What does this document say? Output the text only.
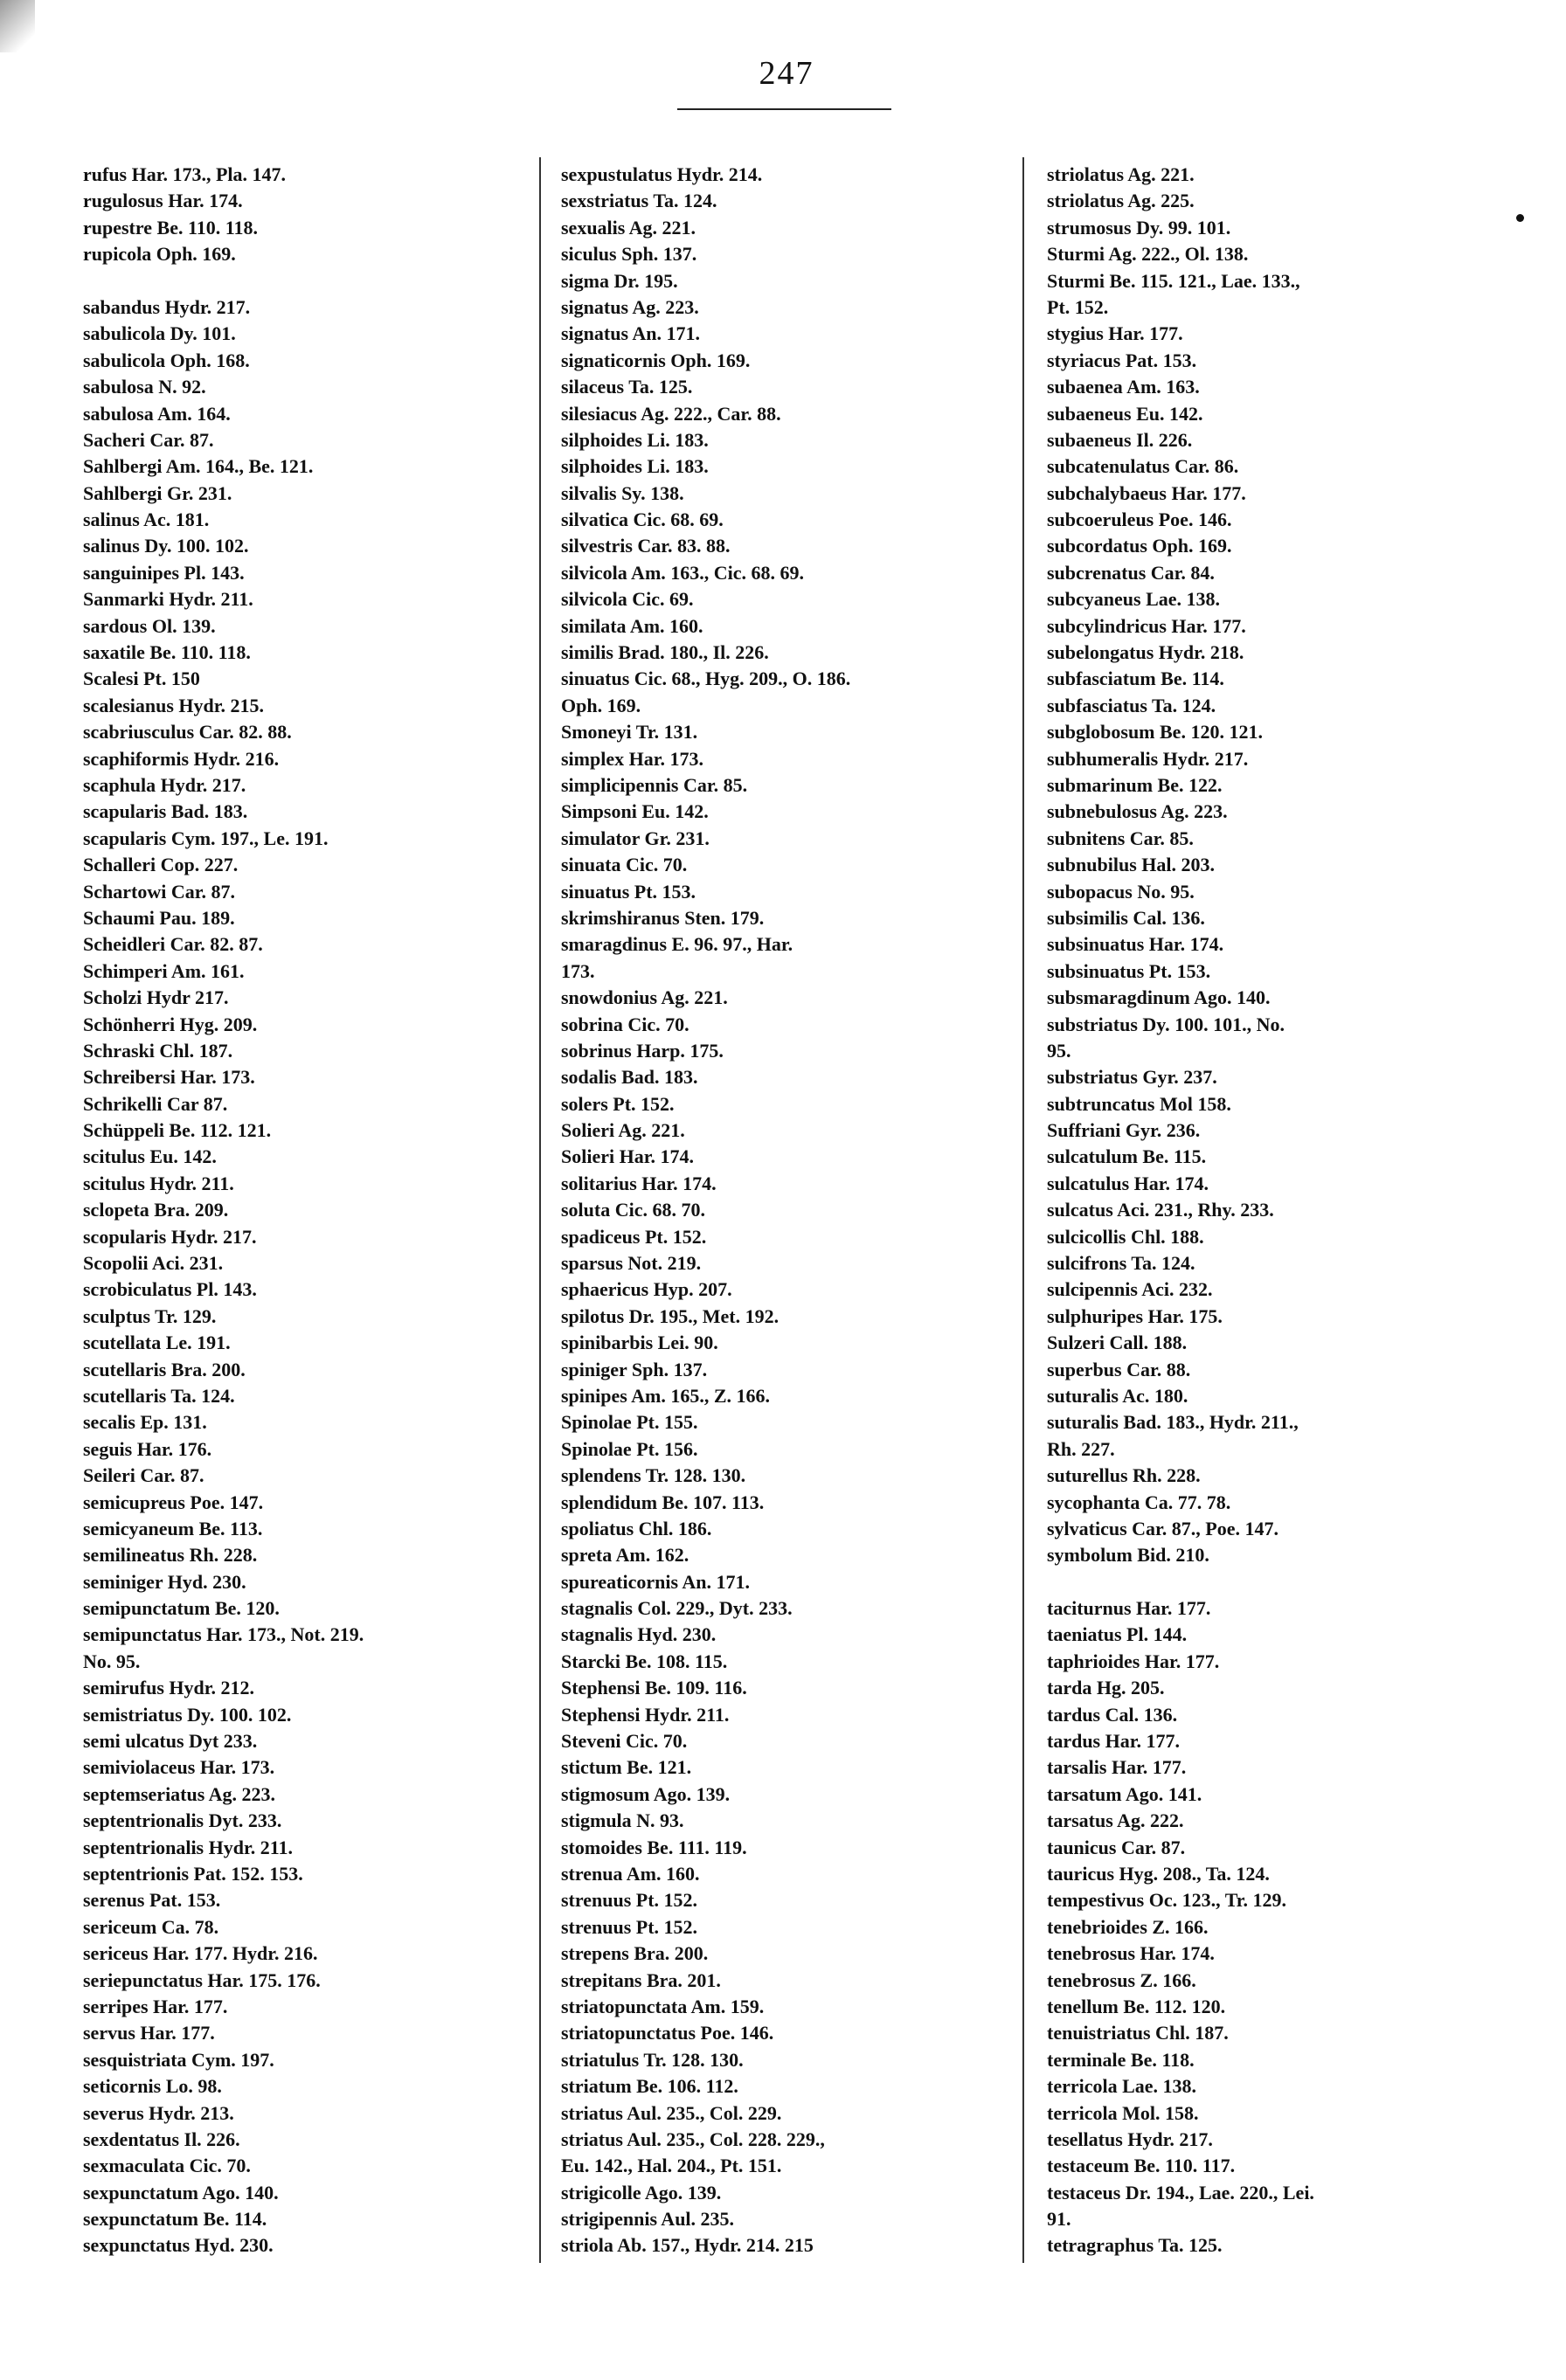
247
rufus Har. 173., Pla. 147.
rugulosus Har. 174.
rupestre Be. 110. 118.
rupicola Oph. 169.
sabandus Hydr. 217.
sabulicola Dy. 101.
sabulicola Oph. 168.
sabulosa N. 92.
sabulosa Am. 164.
Sacheri Car. 87.
Sahlbergi Am. 164., Be. 121.
Sahlbergi Gr. 231.
salinus Ac. 181.
salinus Dy. 100. 102.
sanguinipes Pl. 143.
Sanmarki Hydr. 211.
sardous Ol. 139.
saxatile Be. 110. 118.
Scalesi Pt. 150
scalesianus Hydr. 215.
scabriusculus Car. 82. 88.
scaphiformis Hydr. 216.
scaphula Hydr. 217.
scapularis Bad. 183.
scapularis Cym. 197., Le. 191.
Schalleri Cop. 227.
Schartowi Car. 87.
Schaumi Pau. 189.
Scheidleri Car. 82. 87.
Schimperi Am. 161.
Scholzi Hydr 217.
Schönherri Hyg. 209.
Schraski Chl. 187.
Schreibersi Har. 173.
Schrikelli Car 87.
Schüppeli Be. 112. 121.
scitulus Eu. 142.
scitulus Hydr. 211.
sclopeta Bra. 209.
scopularis Hydr. 217.
Scopolii Aci. 231.
scrobiculatus Pl. 143.
sculptus Tr. 129.
scutellata Le. 191.
scutellaris Bra. 200.
scutellaris Ta. 124.
secalis Ep. 131.
seguis Har. 176.
Seileri Car. 87.
semicupreus Poe. 147.
semicyaneum Be. 113.
semilineatus Rh. 228.
seminiger Hyd. 230.
semipunctatum Be. 120.
semipunctatus Har. 173., Not. 219.
No. 95.
semirufus Hydr. 212.
semistriatus Dy. 100. 102.
semi ulcatus Dyt 233.
semiviolaceus Har. 173.
septemseriatus Ag. 223.
septentrionalis Dyt. 233.
septentrionalis Hydr. 211.
septentrionis Pat. 152. 153.
serenus Pat. 153.
sericeum Ca. 78.
sericeus Har. 177. Hydr. 216.
seriepunctatus Har. 175. 176.
serripes Har. 177.
servus Har. 177.
sesquistriata Cym. 197.
seticornis Lo. 98.
severus Hydr. 213.
sexdentatus Il. 226.
sexmaculata Cic. 70.
sexpunctatum Ago. 140.
sexpunctatum Be. 114.
sexpunctatus Hyd. 230.
sexpustulatus Hydr. 214.
sexstriatus Ta. 124.
sexualis Ag. 221.
siculus Sph. 137.
sigma Dr. 195.
signatus Ag. 223.
signatus An. 171.
signaticornis Oph. 169.
silaceus Ta. 125.
silesiacus Ag. 222., Car. 88.
silphoides Li. 183.
silphoides Li. 183.
silvalis Sy. 138.
silvatica Cic. 68. 69.
silvestris Car. 83. 88.
silvicola Am. 163., Cic. 68. 69.
silvicola Cic. 69.
similata Am. 160.
similis Brad. 180., Il. 226.
sinuatus Cic. 68., Hyg. 209., O. 186.
Oph. 169.
Smoneyi Tr. 131.
simplex Har. 173.
simplicipennis Car. 85.
Simpsoni Eu. 142.
simulator Gr. 231.
sinuata Cic. 70.
sinuatus Pt. 153.
skrimshiranus Sten. 179.
smaragdinus E. 96. 97., Har.
173.
snowdonius Ag. 221.
sobrina Cic. 70.
sobrinus Harp. 175.
sodalis Bad. 183.
solers Pt. 152.
Solieri Ag. 221.
Solieri Har. 174.
solitarius Har. 174.
soluta Cic. 68. 70.
spadiceus Pt. 152.
sparsus Not. 219.
sphaericus Hyp. 207.
spilotus Dr. 195., Met. 192.
spinibarbis Lei. 90.
spiniger Sph. 137.
spinipes Am. 165., Z. 166.
Spinolae Pt. 155.
Spinolae Pt. 156.
splendens Tr. 128. 130.
splendidum Be. 107. 113.
spoliatus Chl. 186.
spreta Am. 162.
spureaticornis An. 171.
stagnalis Col. 229., Dyt. 233.
stagnalis Hyd. 230.
Starcki Be. 108. 115.
Stephensi Be. 109. 116.
Stephensi Hydr. 211.
Steveni Cic. 70.
stictum Be. 121.
stigmosum Ago. 139.
stigmula N. 93.
stomoides Be. 111. 119.
strenua Am. 160.
strenuus Pt. 152.
strenuus Pt. 152.
strepens Bra. 200.
strepitans Bra. 201.
striatopunctata Am. 159.
striatopunctatus Poe. 146.
striatulus Tr. 128. 130.
striatum Be. 106. 112.
striatus Aul. 235., Col. 229.
striatus Aul. 235., Col. 228. 229.,
Eu. 142., Hal. 204., Pt. 151.
strigicolle Ago. 139.
strigipennis Aul. 235.
striola Ab. 157., Hydr. 214. 215
striolatus Ag. 221.
striolatus Ag. 225.
strumosus Dy. 99. 101.
Sturmi Ag. 222., Ol. 138.
Sturmi Be. 115. 121., Lae. 133.,
Pt. 152.
stygius Har. 177.
styriacus Pat. 153.
subaenea Am. 163.
subaeneus Eu. 142.
subaeneus Il. 226.
subcatenulatus Car. 86.
subchalybaeus Har. 177.
subcoeruleus Poe. 146.
subcordatus Oph. 169.
subcrenatus Car. 84.
subcyaneus Lae. 138.
subcylindricus Har. 177.
subelongatus Hydr. 218.
subfasciatum Be. 114.
subfasciatus Ta. 124.
subglobosum Be. 120. 121.
subhumeralis Hydr. 217.
submarinum Be. 122.
subnebulosus Ag. 223.
subnitens Car. 85.
subnubilus Hal. 203.
subopacus No. 95.
subsimilis Cal. 136.
subsinuatus Har. 174.
subsinuatus Pt. 153.
subsmaragdinum Ago. 140.
substriatus Dy. 100. 101., No.
95.
substriatus Gyr. 237.
subtruncatus Mol 158.
Suffriani Gyr. 236.
sulcatulum Be. 115.
sulcatulus Har. 174.
sulcatus Aci. 231., Rhy. 233.
sulcicollis Chl. 188.
sulcifrons Ta. 124.
sulcipennis Aci. 232.
sulphuripes Har. 175.
Sulzeri Call. 188.
superbus Car. 88.
suturalis Ac. 180.
suturalis Bad. 183., Hydr. 211.,
Rh. 227.
suturellus Rh. 228.
sycophanta Ca. 77. 78.
sylvaticus Car. 87., Poe. 147.
symbolum Bid. 210.
taciturnus Har. 177.
taeniatus Pl. 144.
taphrioides Har. 177.
tarda Hg. 205.
tardus Cal. 136.
tardus Har. 177.
tarsalis Har. 177.
tarsatum Ago. 141.
tarsatus Ag. 222.
taunicus Car. 87.
tauricus Hyg. 208., Ta. 124.
tempestivus Oc. 123., Tr. 129.
tenebrioides Z. 166.
tenebrosus Har. 174.
tenebrosus Z. 166.
tenellum Be. 112. 120.
tenuistriatus Chl. 187.
terminale Be. 118.
terricola Lae. 138.
terricola Mol. 158.
tesellatus Hydr. 217.
testaceum Be. 110. 117.
testaceus Dr. 194., Lae. 220., Lei.
91.
tetragraphus Ta. 125.
